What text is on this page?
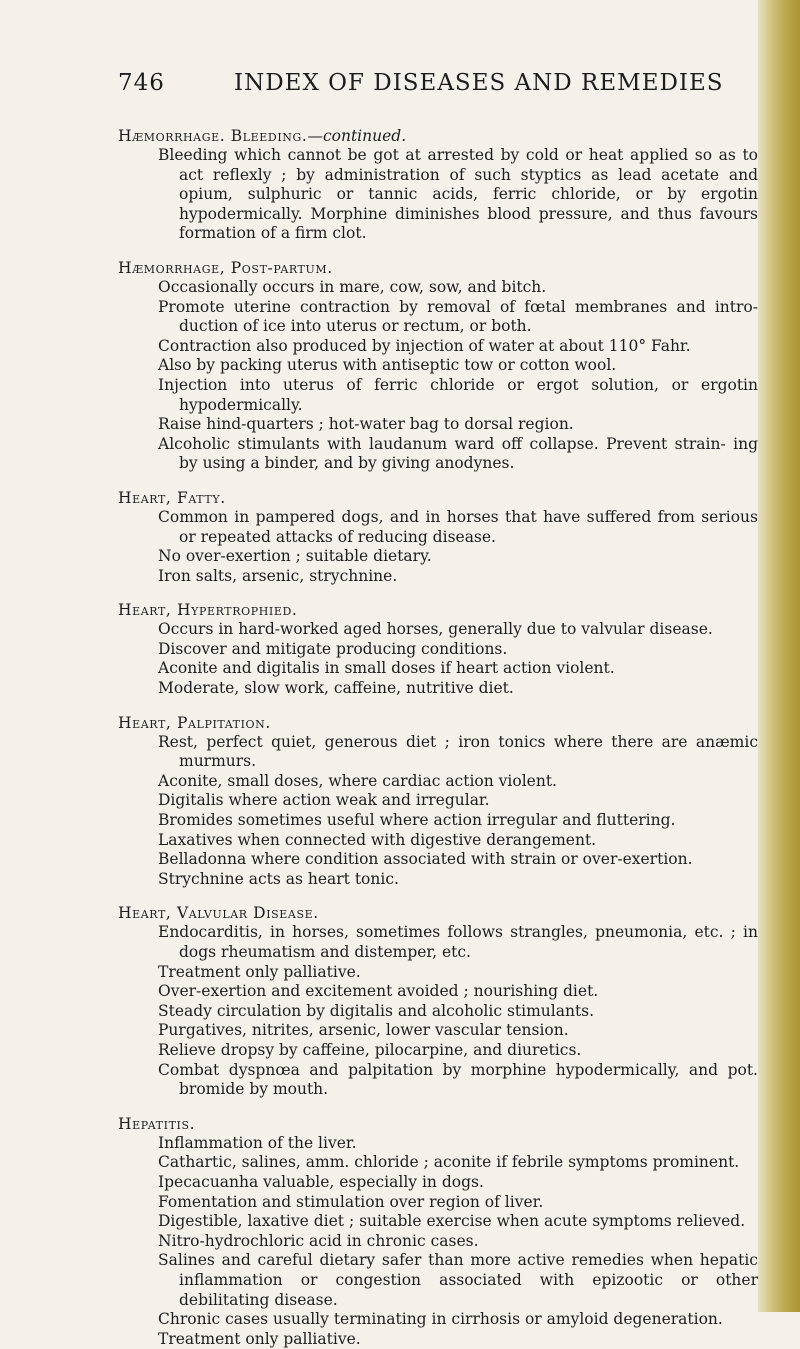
746	INDEX OF DISEASES AND REMEDIES
Hæmorrhage. Bleeding.—continued.
Bleeding which cannot be got at arrested by cold or heat applied so as to act reflexly ; by administration of such styptics as lead acetate and opium, sulphuric or tannic acids, ferric chloride, or by ergotin hypodermically. Morphine diminishes blood pressure, and thus favours formation of a firm clot.
Hæmorrhage, Post-partum.
Occasionally occurs in mare, cow, sow, and bitch.
Promote uterine contraction by removal of fœtal membranes and intro- duction of ice into uterus or rectum, or both.
Contraction also produced by injection of water at about 110° Fahr.
Also by packing uterus with antiseptic tow or cotton wool.
Injection into uterus of ferric chloride or ergot solution, or ergotin hypodermically.
Raise hind-quarters ; hot-water bag to dorsal region.
Alcoholic stimulants with laudanum ward off collapse. Prevent strain- ing by using a binder, and by giving anodynes.
Heart, Fatty.
Common in pampered dogs, and in horses that have suffered from serious or repeated attacks of reducing disease.
No over-exertion ; suitable dietary.
Iron salts, arsenic, strychnine.
Heart, Hypertrophied.
Occurs in hard-worked aged horses, generally due to valvular disease.
Discover and mitigate producing conditions.
Aconite and digitalis in small doses if heart action violent.
Moderate, slow work, caffeine, nutritive diet.
Heart, Palpitation.
Rest, perfect quiet, generous diet ; iron tonics where there are anæmic murmurs.
Aconite, small doses, where cardiac action violent.
Digitalis where action weak and irregular.
Bromides sometimes useful where action irregular and fluttering.
Laxatives when connected with digestive derangement.
Belladonna where condition associated with strain or over-exertion.
Strychnine acts as heart tonic.
Heart, Valvular Disease.
Endocarditis, in horses, sometimes follows strangles, pneumonia, etc. ; in dogs rheumatism and distemper, etc.
Treatment only palliative.
Over-exertion and excitement avoided ; nourishing diet.
Steady circulation by digitalis and alcoholic stimulants.
Purgatives, nitrites, arsenic, lower vascular tension.
Relieve dropsy by caffeine, pilocarpine, and diuretics.
Combat dyspnœa and palpitation by morphine hypodermically, and pot. bromide by mouth.
Hepatitis.
Inflammation of the liver.
Cathartic, salines, amm. chloride ; aconite if febrile symptoms prominent.
Ipecacuanha valuable, especially in dogs.
Fomentation and stimulation over region of liver.
Digestible, laxative diet ; suitable exercise when acute symptoms relieved.
Nitro-hydrochloric acid in chronic cases.
Salines and careful dietary safer than more active remedies when hepatic inflammation or congestion associated with epizootic or other debilitating disease.
Chronic cases usually terminating in cirrhosis or amyloid degeneration.
Treatment only palliative.
